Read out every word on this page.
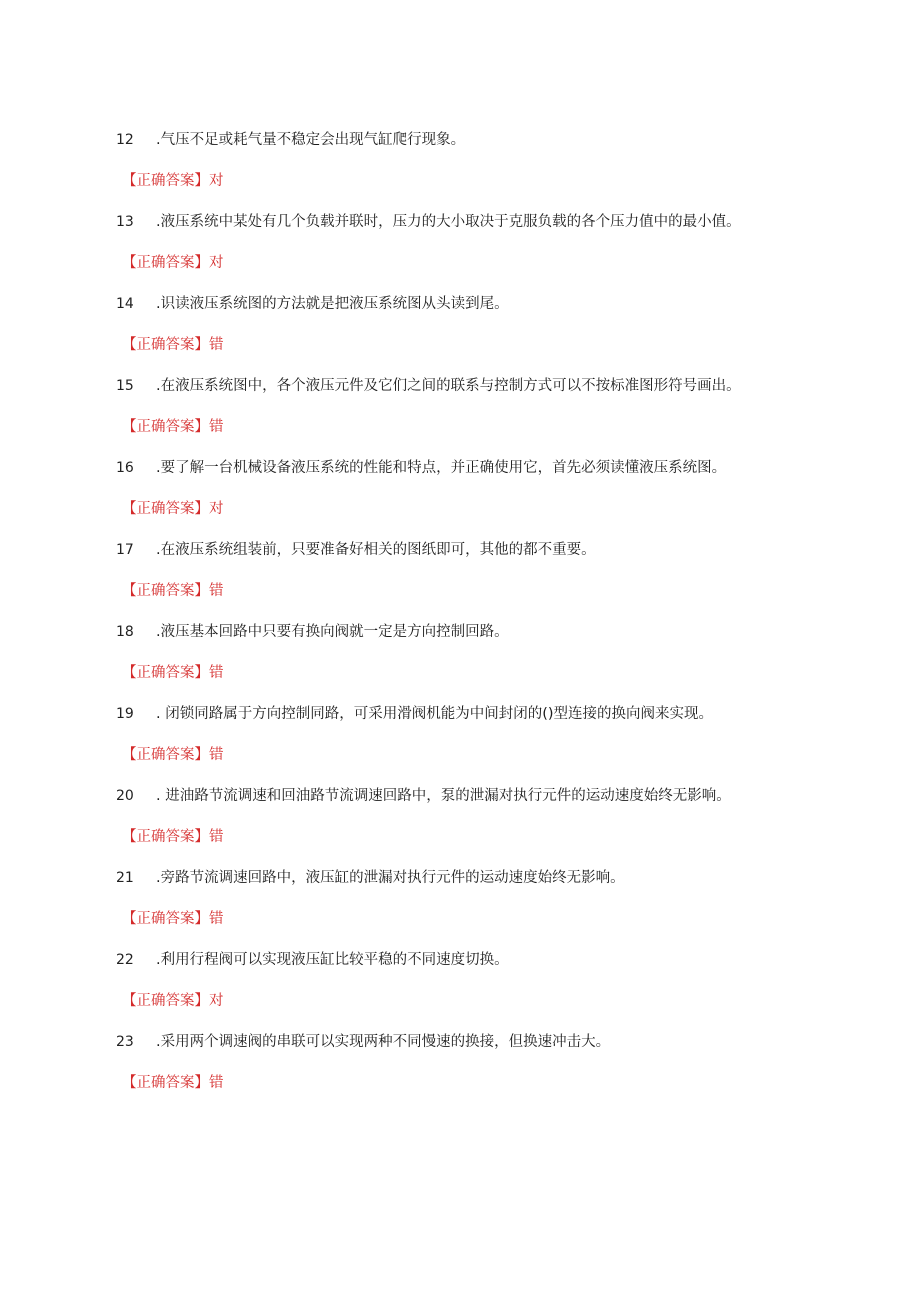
12 .气压不足或耗气量不稳定会出现气缸爬行现象。
【正确答案】对
13 .液压系统中某处有几个负载并联时，压力的大小取决于克服负载的各个压力值中的最小值。
【正确答案】对
14 .识读液压系统图的方法就是把液压系统图从头读到尾。
【正确答案】错
15 .在液压系统图中，各个液压元件及它们之间的联系与控制方式可以不按标准图形符号画出。
【正确答案】错
16 .要了解一台机械设备液压系统的性能和特点，并正确使用它，首先必须读懂液压系统图。
【正确答案】对
17 .在液压系统组装前，只要准备好相关的图纸即可，其他的都不重要。
【正确答案】错
18 .液压基本回路中只要有换向阀就一定是方向控制回路。
【正确答案】错
19 . 闭锁同路属于方向控制同路，可采用滑阀机能为中间封闭的()型连接的换向阀来实现。
【正确答案】错
20 . 进油路节流调速和回油路节流调速回路中，泵的泄漏对执行元件的运动速度始终无影响。
【正确答案】错
21 .旁路节流调速回路中，液压缸的泄漏对执行元件的运动速度始终无影响。
【正确答案】错
22 .利用行程阀可以实现液压缸比较平稳的不同速度切换。
【正确答案】对
23 .采用两个调速阀的串联可以实现两种不同慢速的换接，但换速冲击大。
【正确答案】错
